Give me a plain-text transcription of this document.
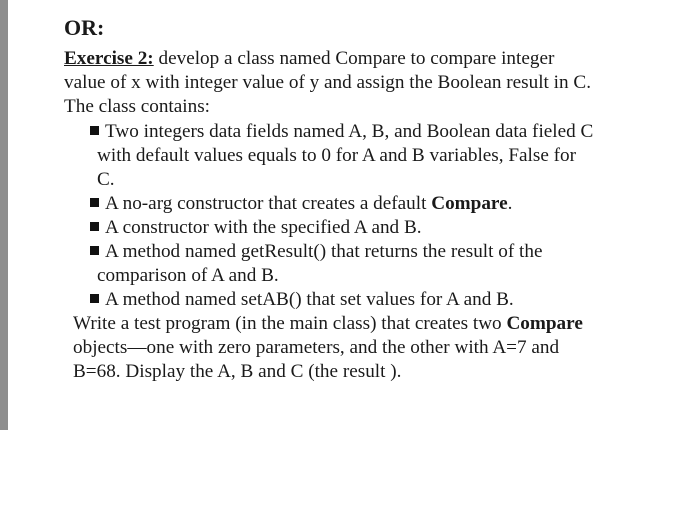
OR:
Exercise 2: develop a class named Compare to compare integer
value of x with integer value of y and assign the Boolean result in C.
The class contains:
Two integers data fields named A, B, and Boolean data fieled C
with default values equals to 0 for A and B variables, False for
C.
A no-arg constructor that creates a default Compare.
A constructor with the specified A and B.
A method named getResult() that returns the result of the
comparison of A and B.
A method named setAB() that set values for A and B.
Write a test program (in the main class) that creates two Compare
objects—one with zero parameters, and the other with A=7 and
B=68. Display the A, B and C (the result ).
